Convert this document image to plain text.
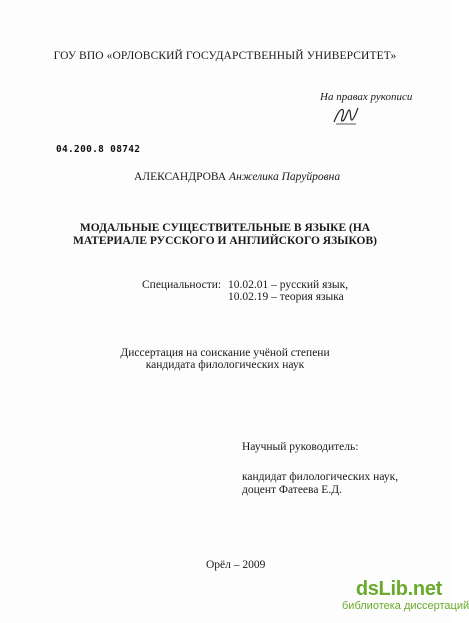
ГОУ ВПО «ОРЛОВСКИЙ ГОСУДАРСТВЕННЫЙ УНИВЕРСИТЕТ»
На правах рукописи
04.200.8 08742
АЛЕКСАНДРОВА Анжелика Паруйровна
МОДАЛЬНЫЕ СУЩЕСТВИТЕЛЬНЫЕ В ЯЗЫКЕ (НА
МАТЕРИАЛЕ РУССКОГО И АНГЛИЙСКОГО ЯЗЫКОВ)
Специальности: 10.02.01 – русский язык,
10.02.19 – теория языка
Диссертация на соискание учёной степени
кандидата филологических наук
Научный руководитель:
кандидат филологических наук,
доцент Фатеева Е.Д.
Орёл – 2009
dsLib.net
библиотека диссертаций
